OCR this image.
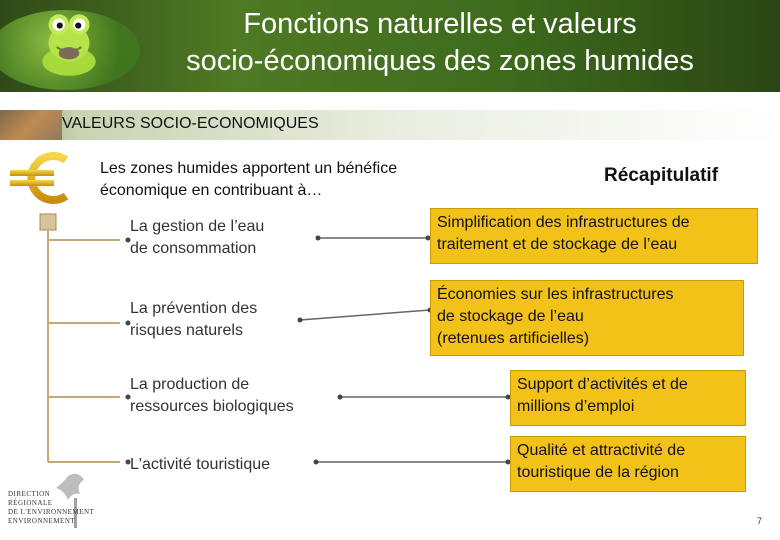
Fonctions naturelles et valeurs
socio-économiques des zones humides
VALEURS SOCIO-ECONOMIQUES
Les zones humides apportent un bénéfice
économique en contribuant à…
Récapitulatif
La gestion de l’eau
de consommation
La prévention des
risques naturels
La production de
ressources biologiques
L'activité touristique
Simplification des infrastructures de
traitement et de stockage de l’eau
Économies sur les infrastructures
de stockage de l’eau
(retenues artificielles)
Support d’activités et de
millions d’emploi
Qualité et attractivité de
touristique de la région
DIRECTION
RÉGIONALE
DE L'ENVIRONNEMENT
ENVIRONNEMENT	7
